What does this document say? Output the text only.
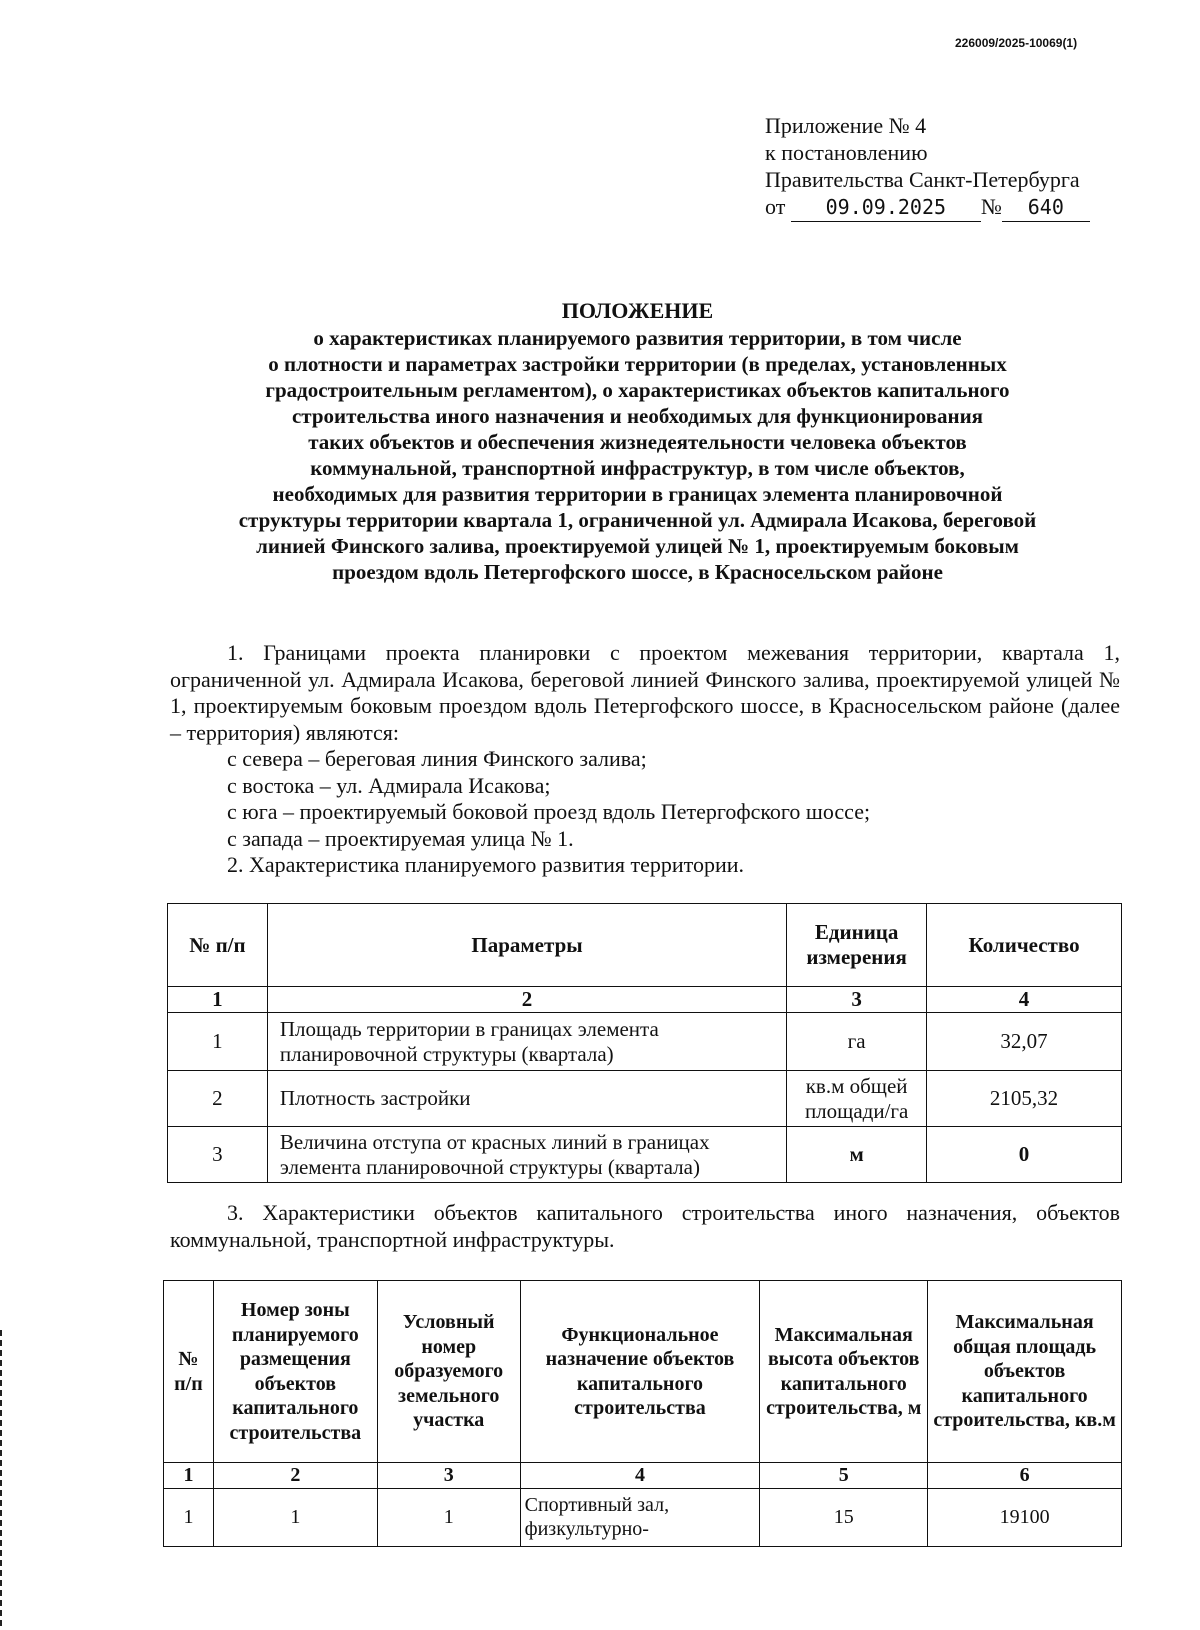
226009/2025-10069(1)
Приложение № 4
к постановлению
Правительства Санкт-Петербурга
от 09.09.2025 № 640
ПОЛОЖЕНИЕ
о характеристиках планируемого развития территории, в том числе
о плотности и параметрах застройки территории (в пределах, установленных
градостроительным регламентом), о характеристиках объектов капитального
строительства иного назначения и необходимых для функционирования
таких объектов и обеспечения жизнедеятельности человека объектов
коммунальной, транспортной инфраструктур, в том числе объектов,
необходимых для развития территории в границах элемента планировочной
структуры территории квартала 1, ограниченной ул. Адмирала Исакова, береговой
линией Финского залива, проектируемой улицей № 1, проектируемым боковым
проездом вдоль Петергофского шоссе, в Красносельском районе
1. Границами проекта планировки с проектом межевания территории, квартала 1, ограниченной ул. Адмирала Исакова, береговой линией Финского залива, проектируемой улицей № 1, проектируемым боковым проездом вдоль Петергофского шоссе, в Красносельском районе (далее – территория) являются:
с севера – береговая линия Финского залива;
с востока – ул. Адмирала Исакова;
с юга – проектируемый боковой проезд вдоль Петергофского шоссе;
с запада – проектируемая улица № 1.
2. Характеристика планируемого развития территории.
№ п/п	Параметры	Единица измерения	Количество
1	2	3	4
1	Площадь территории в границах элемента планировочной структуры (квартала)	га	32,07
2	Плотность застройки	кв.м общей площади/га	2105,32
3	Величина отступа от красных линий в границах элемента планировочной структуры (квартала)	м	0
3. Характеристики объектов капитального строительства иного назначения, объектов коммунальной, транспортной инфраструктуры.
№ п/п	Номер зоны планируемого размещения объектов капитального строительства	Условный номер образуемого земельного участка	Функциональное назначение объектов капитального строительства	Максимальная высота объектов капитального строительства, м	Максимальная общая площадь объектов капитального строительства, кв.м
1	2	3	4	5	6
1	1	1	Спортивный зал, физкультурно-	15	19100
